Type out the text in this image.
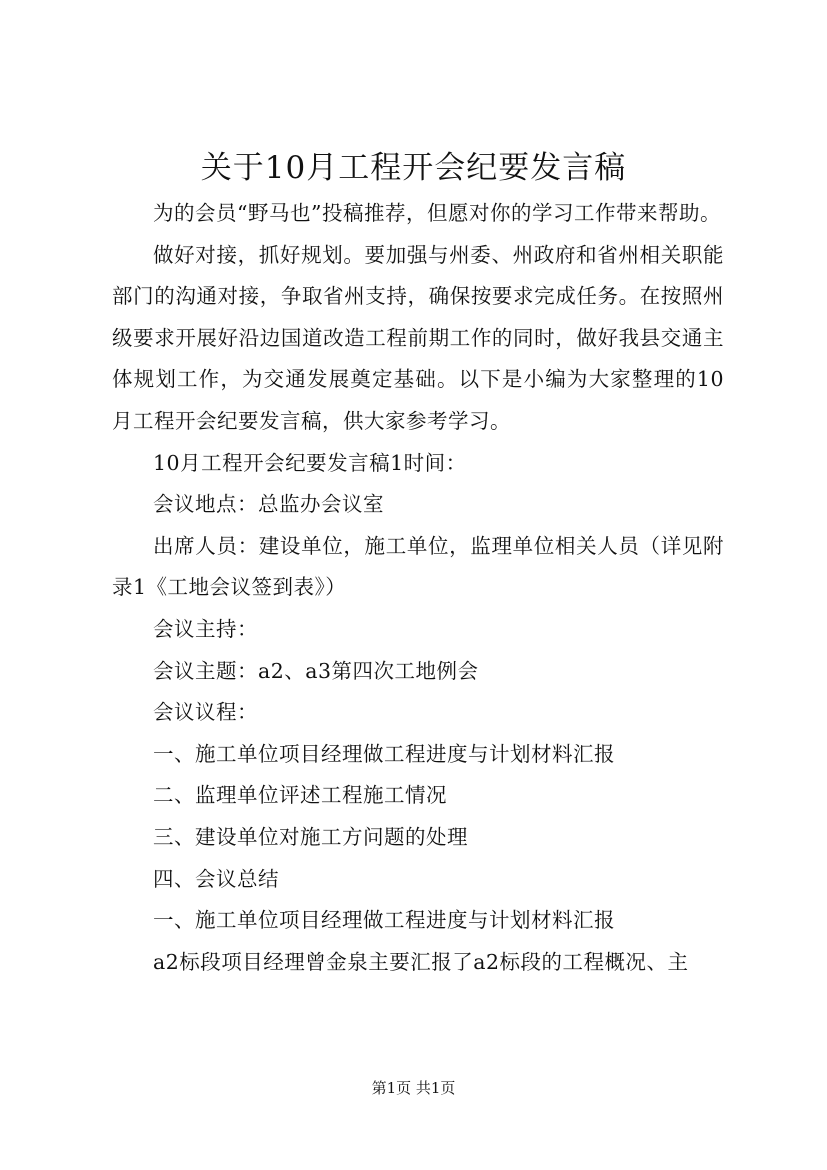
关于10月工程开会纪要发言稿

为的会员“野马也”投稿推荐，但愿对你的学习工作带来帮助。

做好对接，抓好规划。要加强与州委、州政府和省州相关职能部门的沟通对接，争取省州支持，确保按要求完成任务。在按照州级要求开展好沿边国道改造工程前期工作的同时，做好我县交通主体规划工作，为交通发展奠定基础。以下是小编为大家整理的10月工程开会纪要发言稿，供大家参考学习。

10月工程开会纪要发言稿1时间：

会议地点：总监办会议室

出席人员：建设单位，施工单位，监理单位相关人员（详见附录1《工地会议签到表》）

会议主持：

会议主题：a2、a3第四次工地例会

会议议程：

一、施工单位项目经理做工程进度与计划材料汇报

二、监理单位评述工程施工情况

三、建设单位对施工方问题的处理

四、会议总结

一、施工单位项目经理做工程进度与计划材料汇报

a2标段项目经理曾金泉主要汇报了a2标段的工程概况、主

第1页 共1页
